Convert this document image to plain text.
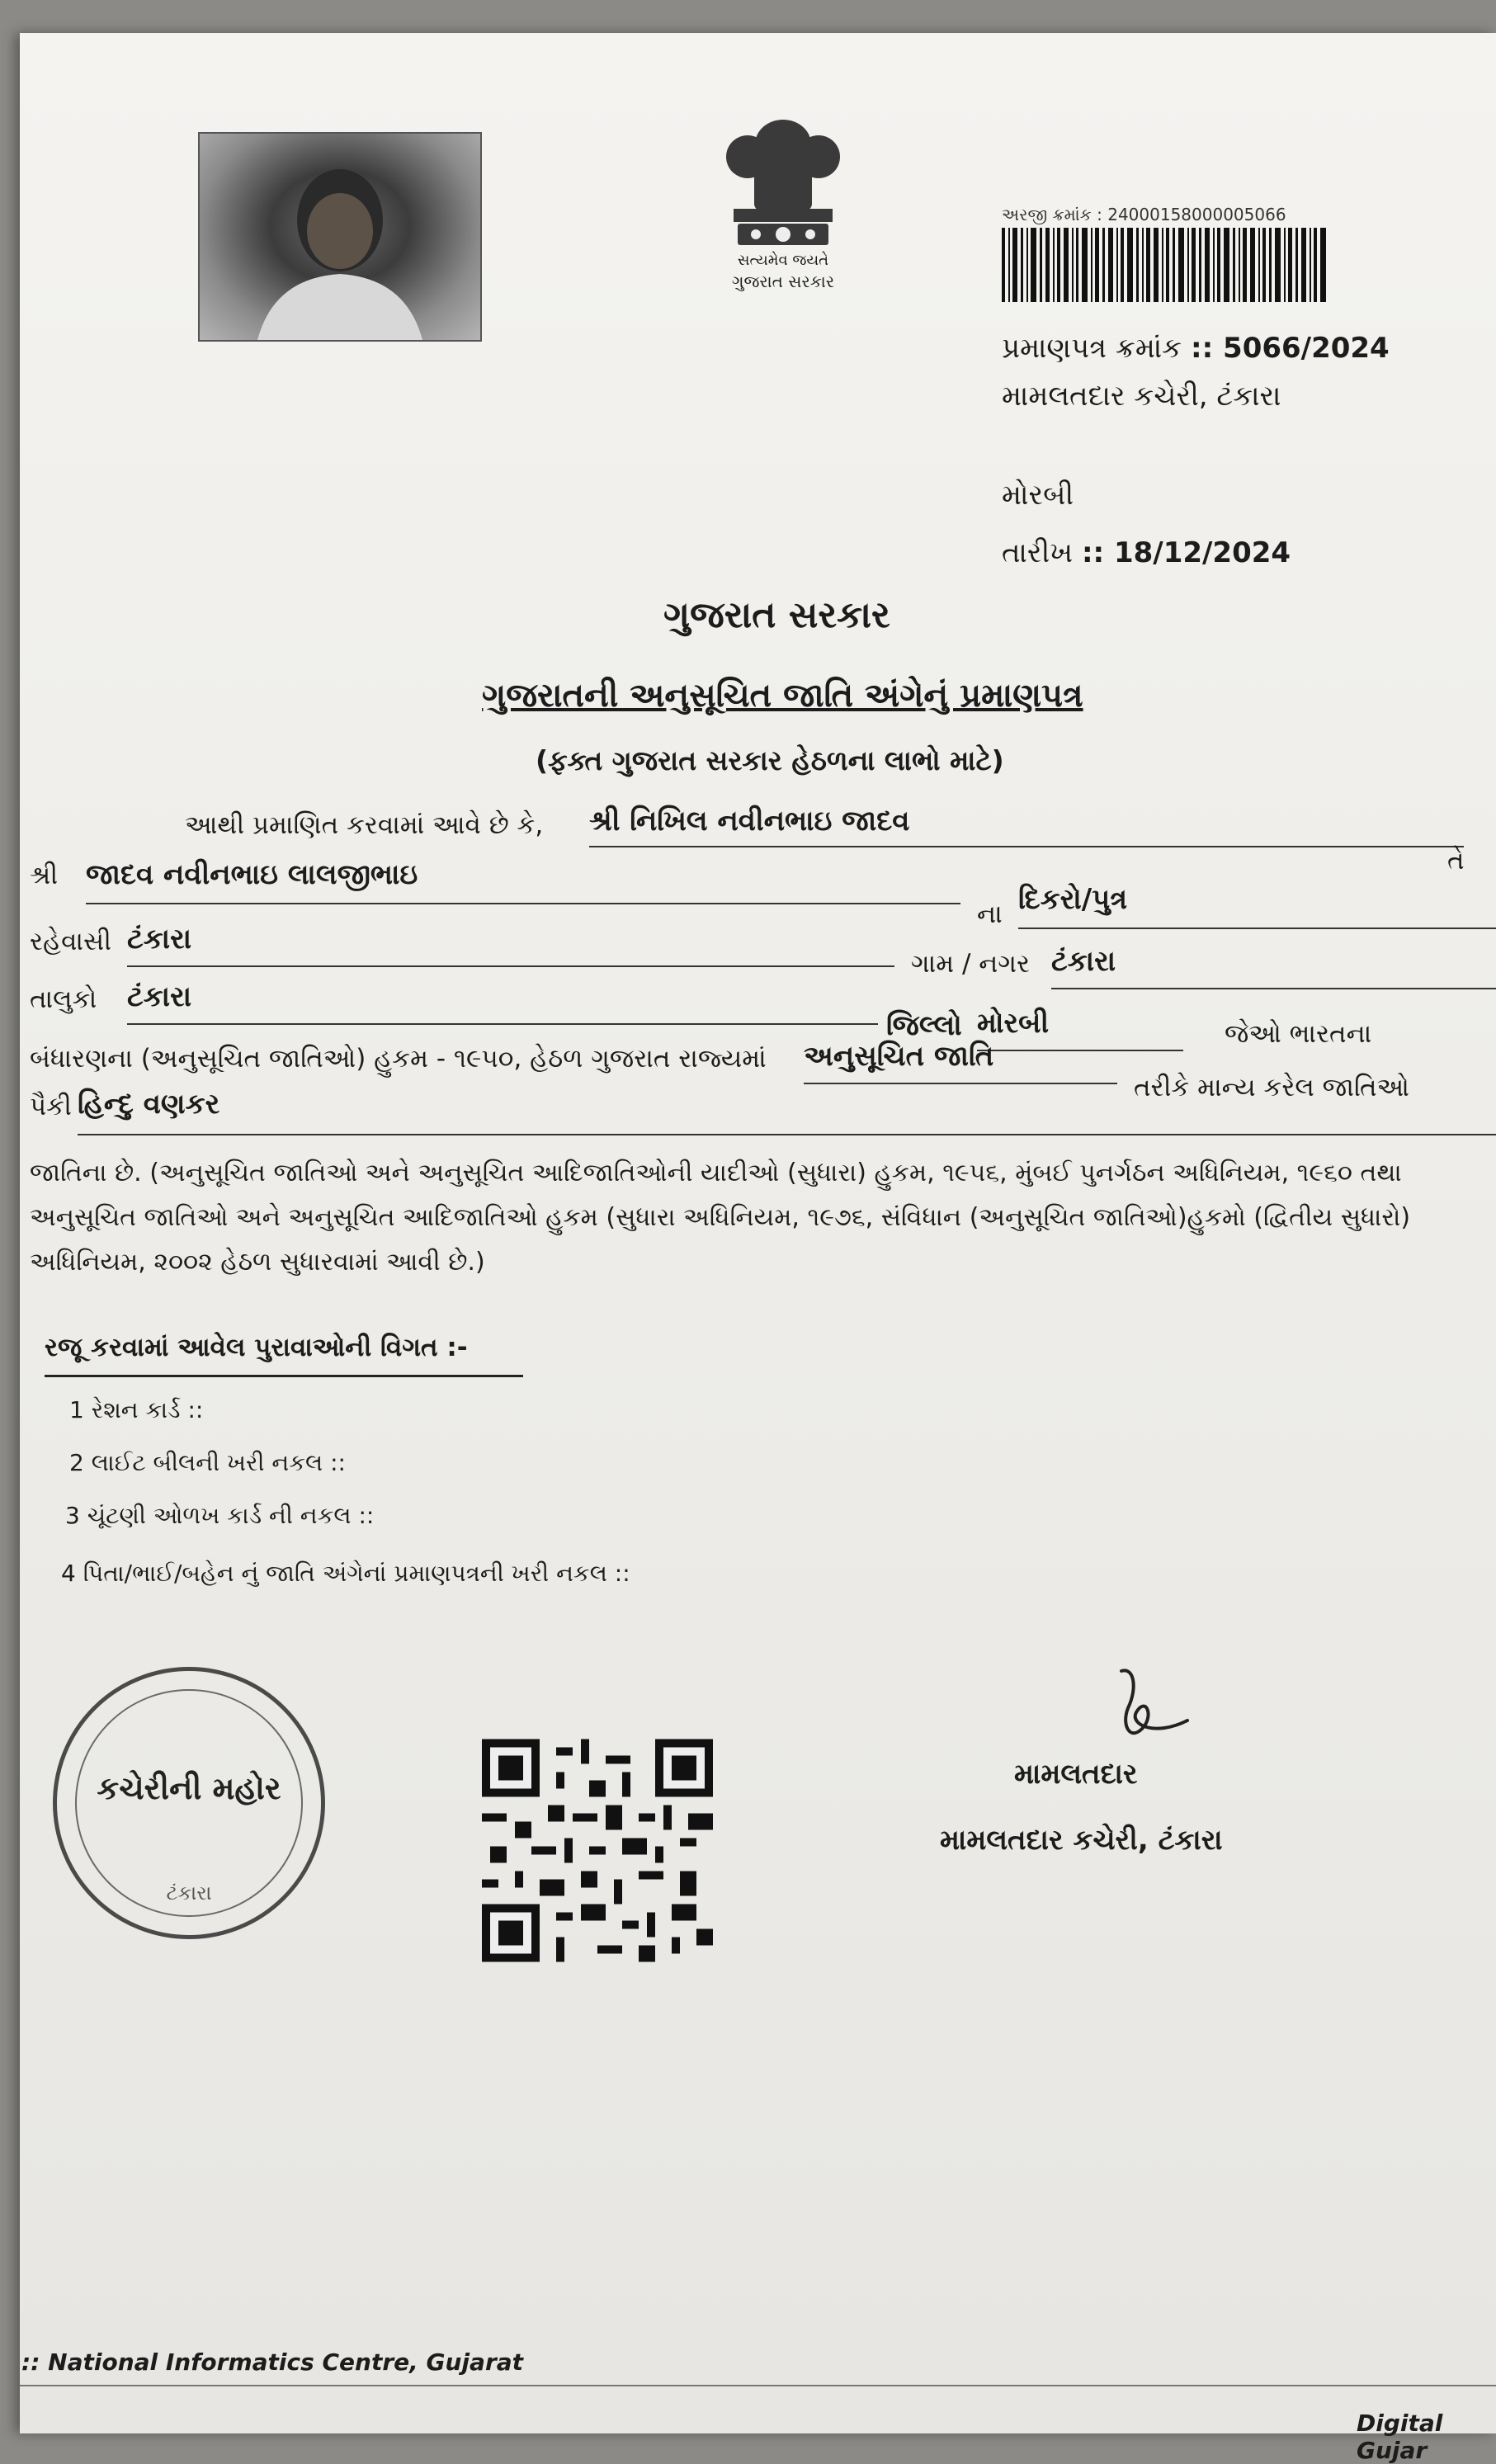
સત્યમેવ જયતે
ગુજરાત સરકાર
અરજી ક્રમાંક : 24000158000005066
પ્રમાણપત્ર ક્રમાંક :: 5066/2024
મામલતદાર કચેરી, ટંકારા
મોરબી
તારીખ :: 18/12/2024
ગુજરાત સરકાર
ગુજરાતની અનુસૂચિત જાતિ અંગેનું પ્રમાણપત્ર
(ફક્ત ગુજરાત સરકાર હેઠળના લાભો માટે)
આથી પ્રમાણિત કરવામાં આવે છે કે, શ્રી નિખિલ નવીનભાઇ જાદવ
તે
શ્રી જાદવ નવીનભાઇ લાલજીભાઇ
ના દિકરો/પુત્ર
રહેવાસી ટંકારા
ગામ / નગર ટંકારા
તાલુકો ટંકારા
જિલ્લો મોરબી	જેઓ ભારતના
બંધારણના (અનુસૂચિત જાતિઓ) હુકમ - ૧૯૫૦, હેઠળ ગુજરાત રાજ્યમાં અનુસૂચિત જાતિ
તરીકે માન્ય કરેલ જાતિઓ
પૈકી હિન્દુ વણકર
જાતિના છે. (અનુસૂચિત જાતિઓ અને અનુસૂચિત આદિજાતિઓની યાદીઓ (સુધારા) હુકમ, ૧૯૫૬, મુંબઈ પુનર્ગઠન અધિનિયમ, ૧૯૬૦ તથા અનુસૂચિત જાતિઓ અને અનુસૂચિત આદિજાતિઓ હુકમ (સુધારા અધિનિયમ, ૧૯૭૬, સંવિધાન (અનુસૂચિત જાતિઓ)હુકમો (દ્વિતીય સુધારો) અધિનિયમ, ૨૦૦૨ હેઠળ સુધારવામાં આવી છે.)
રજૂ કરવામાં આવેલ પુરાવાઓની વિગત :-
1 રેશન કાર્ડ ::
2 લાઈટ બીલની ખરી નકલ ::
3 ચૂંટણી ઓળખ કાર્ડ ની નકલ ::
4 પિતા/ભાઈ/બહેન નું જાતિ અંગેનાં પ્રમાણપત્રની ખરી નકલ ::
કચેરીની મહોર
ટંકારા
મામલતદાર
મામલતદાર કચેરી, ટંકારા
:: National Informatics Centre, Gujarat
Digital Gujar
